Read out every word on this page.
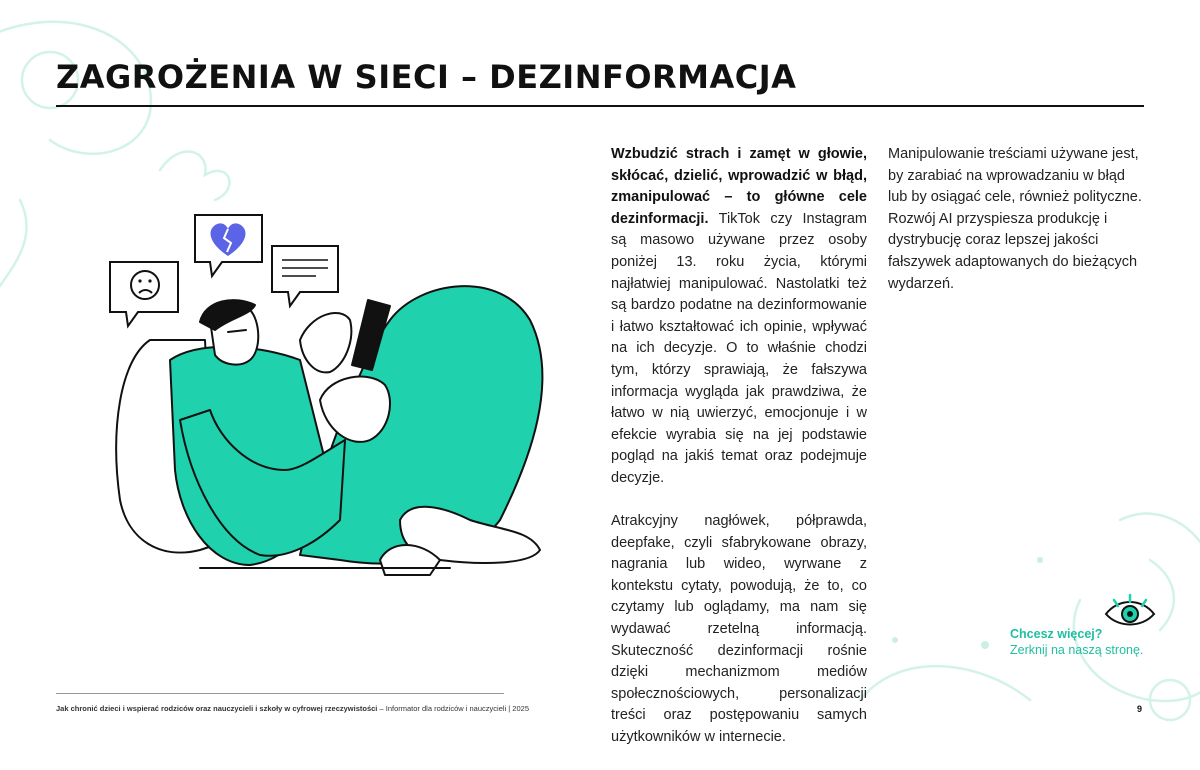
ZAGROŻENIA W SIECI – DEZINFORMACJA

Wzbudzić strach i zamęt w głowie, skłócać, dzielić, wprowadzić w błąd, zmanipulować – to główne cele dezinformacji. TikTok czy Instagram są masowo używane przez osoby poniżej 13. roku życia, którymi najłatwiej manipulować. Nastolatki też są bardzo podatne na dezinformowanie i łatwo kształtować ich opinie, wpływać na ich decyzje. O to właśnie chodzi tym, którzy sprawiają, że fałszywa informacja wygląda jak prawdziwa, że łatwo w nią uwierzyć, emocjonuje i w efekcie wyrabia się na jej podstawie pogląd na jakiś temat oraz podejmuje decyzje.

Atrakcyjny nagłówek, półprawda, deepfake, czyli sfabrykowane obrazy, nagrania lub wideo, wyrwane z kontekstu cytaty, powodują, że to, co czytamy lub oglądamy, ma nam się wydawać rzetelną informacją. Skuteczność dezinformacji rośnie dzięki mechanizmom mediów społecznościowych, personalizacji treści oraz postępowaniu samych użytkowników w internecie.

Manipulowanie treściami używane jest, by zarabiać na wprowadzaniu w błąd lub by osiągać cele, również polityczne. Rozwój AI przyspiesza produkcję i dystrybucję coraz lepszej jakości fałszywek adaptowanych do bieżących wydarzeń.

Chcesz więcej?
Zerknij na naszą stronę.
Jak chronić dzieci i wspierać rodziców oraz nauczycieli i szkoły w cyfrowej rzeczywistości – Informator dla rodziców i nauczycieli | 2025	9
